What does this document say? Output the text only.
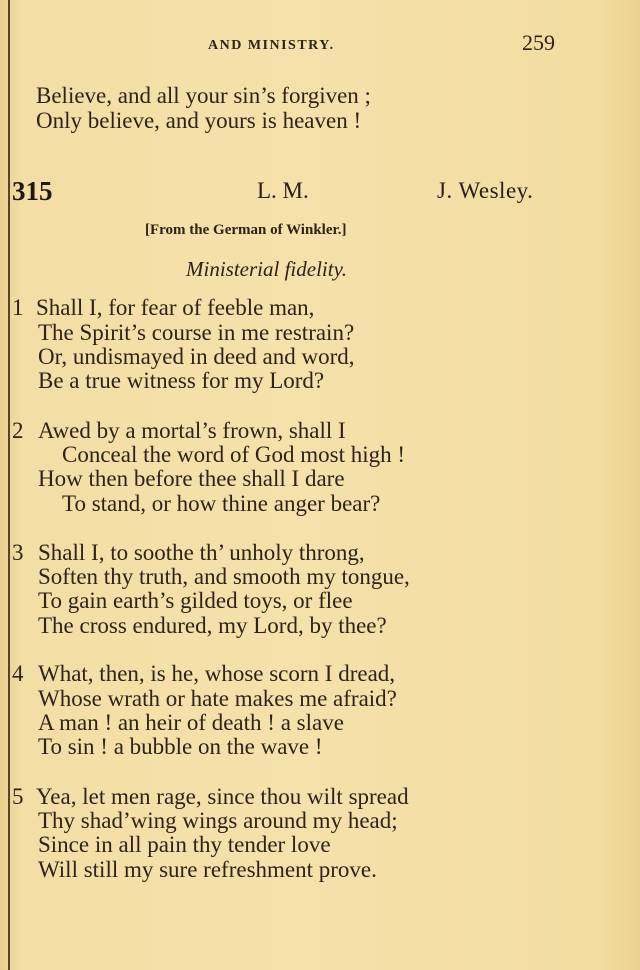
AND MINISTRY.	259
Believe, and all your sin’s forgiven ;
Only believe, and yours is heaven !
315	L. M.	J. Wesley.
[From the German of Winkler.]
Ministerial fidelity.
1 Shall I, for fear of feeble man,
The Spirit’s course in me restrain?
Or, undismayed in deed and word,
Be a true witness for my Lord?
2 Awed by a mortal’s frown, shall I
Conceal the word of God most high !
How then before thee shall I dare
To stand, or how thine anger bear?
3 Shall I, to soothe th’ unholy throng,
Soften thy truth, and smooth my tongue,
To gain earth’s gilded toys, or flee
The cross endured, my Lord, by thee?
4 What, then, is he, whose scorn I dread,
Whose wrath or hate makes me afraid?
A man ! an heir of death ! a slave
To sin ! a bubble on the wave !
5 Yea, let men rage, since thou wilt spread
Thy shad’wing wings around my head;
Since in all pain thy tender love
Will still my sure refreshment prove.
